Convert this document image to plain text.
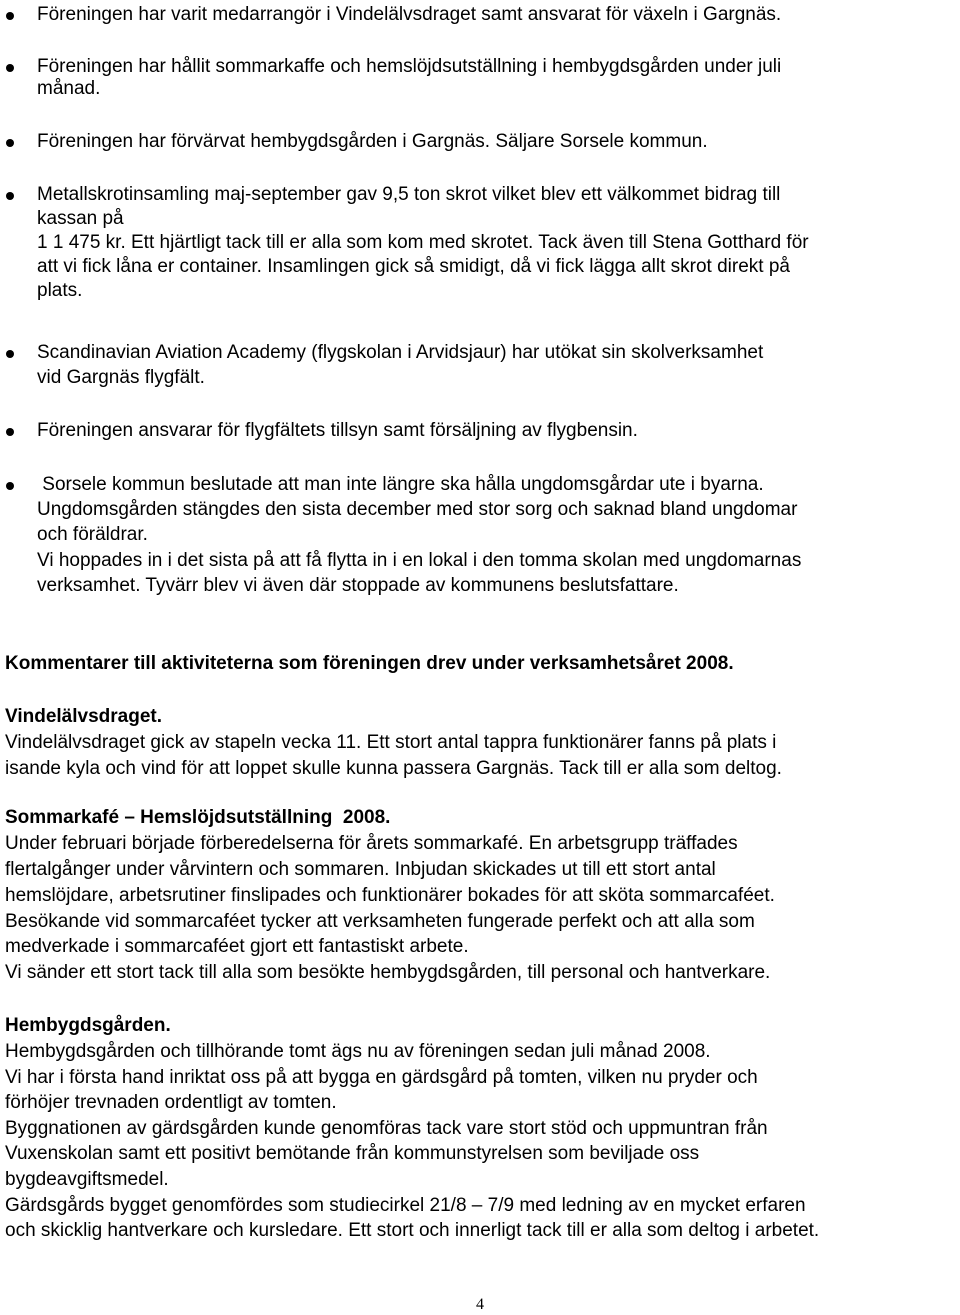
Föreningen har varit medarrangör i Vindelälvsdraget samt ansvarat för växeln i Gargnäs.
Föreningen har hållit sommarkaffe och hemslöjdsutställning i hembygdsgården under juli
månad.
Föreningen har förvärvat hembygdsgården i Gargnäs. Säljare Sorsele kommun.
Metallskrotinsamling maj-september gav 9,5 ton skrot vilket blev ett välkommet bidrag till
kassan på
1 1 475 kr. Ett hjärtligt tack till er alla som kom med skrotet. Tack även till Stena Gotthard för
att vi fick låna er container. Insamlingen gick så smidigt, då vi fick lägga allt skrot direkt på
plats.
Scandinavian Aviation Academy (flygskolan i Arvidsjaur) har utökat sin skolverksamhet
vid Gargnäs flygfält.
Föreningen ansvarar för flygfältets tillsyn samt försäljning av flygbensin.
Sorsele kommun beslutade att man inte längre ska hålla ungdomsgårdar ute i byarna.
Ungdomsgården stängdes den sista december med stor sorg och saknad bland ungdomar
och föräldrar.
Vi hoppades in i det sista på att få flytta in i en lokal i den tomma skolan med ungdomarnas
verksamhet. Tyvärr blev vi även där stoppade av kommunens beslutsfattare.
Kommentarer till aktiviteterna som föreningen drev under verksamhetsåret 2008.
Vindelälvsdraget.
Vindelälvsdraget gick av stapeln vecka 11. Ett stort antal tappra funktionärer fanns på plats i
isande kyla och vind för att loppet skulle kunna passera Gargnäs. Tack till er alla som deltog.
Sommarkafé – Hemslöjdsutställning  2008.
Under februari började förberedelserna för årets sommarkafé. En arbetsgrupp träffades
flertalgånger under vårvintern och sommaren. Inbjudan skickades ut till ett stort antal
hemslöjdare, arbetsrutiner finslipades och funktionärer bokades för att sköta sommarcaféet.
Besökande vid sommarcaféet tycker att verksamheten fungerade perfekt och att alla som
medverkade i sommarcaféet gjort ett fantastiskt arbete.
Vi sänder ett stort tack till alla som besökte hembygdsgården, till personal och hantverkare.
Hembygdsgården.
Hembygdsgården och tillhörande tomt ägs nu av föreningen sedan juli månad 2008.
Vi har i första hand inriktat oss på att bygga en gärdsgård på tomten, vilken nu pryder och
förhöjer trevnaden ordentligt av tomten.
Byggnationen av gärdsgården kunde genomföras tack vare stort stöd och uppmuntran från
Vuxenskolan samt ett positivt bemötande från kommunstyrelsen som beviljade oss
bygdeavgiftsmedel.
Gärdsgårds bygget genomfördes som studiecirkel 21/8 – 7/9 med ledning av en mycket erfaren
och skicklig hantverkare och kursledare. Ett stort och innerligt tack till er alla som deltog i arbetet.
4
